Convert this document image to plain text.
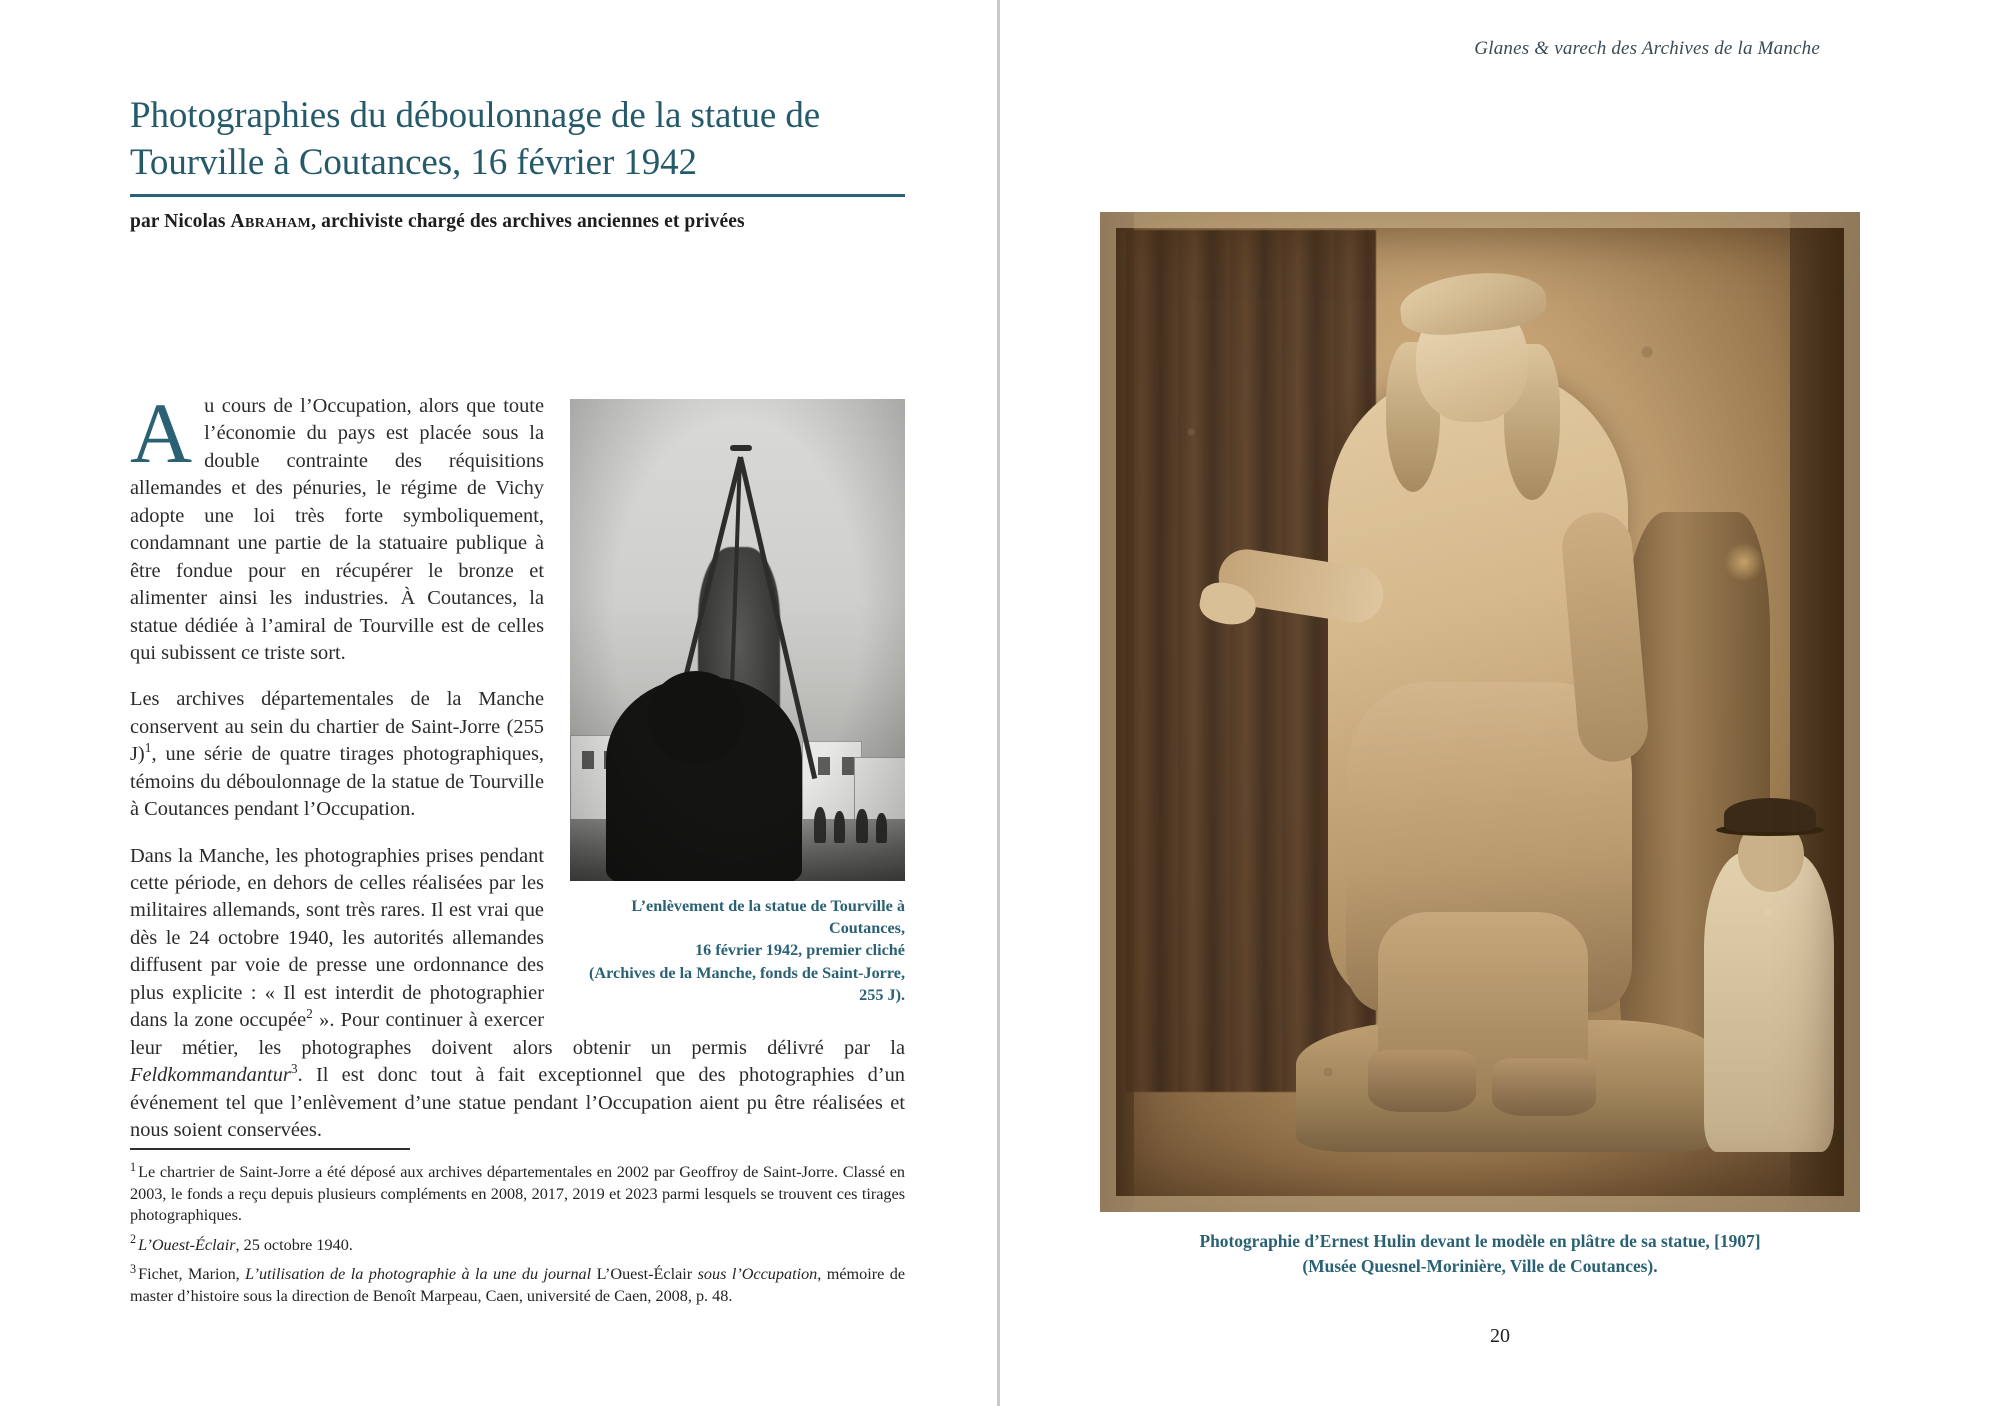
Photographies du déboulonnage de la statue de Tourville à Coutances, 16 février 1942
par Nicolas Abraham, archiviste chargé des archives anciennes et privées
L’enlèvement de la statue de Tourville à Coutances,
16 février 1942, premier cliché
(Archives de la Manche, fonds de Saint-Jorre, 255 J).

Au cours de l’Occupation, alors que toute l’économie du pays est placée sous la double contrainte des réquisitions allemandes et des pénuries, le régime de Vichy adopte une loi très forte symboliquement, condamnant une partie de la statuaire publique à être fondue pour en récupérer le bronze et alimenter ainsi les industries. À Coutances, la statue dédiée à l’amiral de Tourville est de celles qui subissent ce triste sort.

Les archives départementales de la Manche conservent au sein du chartier de Saint-Jorre (255 J)$^1$, une série de quatre tirages photographiques, témoins du déboulonnage de la statue de Tourville à Coutances pendant l’Occupation.

Dans la Manche, les photographies prises pendant cette période, en dehors de celles réalisées par les militaires allemands, sont très rares. Il est vrai que dès le 24 octobre 1940, les autorités allemandes diffusent par voie de presse une ordonnance des plus explicite : « Il est interdit de photographier dans la zone occupée$^2$ ». Pour continuer à exercer leur métier, les photographes doivent alors obtenir un permis délivré par la Feldkommandantur$^3$. Il est donc tout à fait exceptionnel que des photographies d’un événement tel que l’enlèvement d’une statue pendant l’Occupation aient pu être réalisées et nous soient conservées.

$^1$ Le chartrier de Saint-Jorre a été déposé aux archives départementales en 2002 par Geoffroy de Saint-Jorre. Classé en 2003, le fonds a reçu depuis plusieurs compléments en 2008, 2017, 2019 et 2023 parmi lesquels se trouvent ces tirages photographiques.

$^2$ L’Ouest-Éclair, 25 octobre 1940.

$^3$ Fichet, Marion, L’utilisation de la photographie à la une du journal L’Ouest-Éclair sous l’Occupation, mémoire de master d’histoire sous la direction de Benoît Marpeau, Caen, université de Caen, 2008, p. 48.

Glanes & varech des Archives de la Manche
Photographie d’Ernest Hulin devant le modèle en plâtre de sa statue, [1907]
(Musée Quesnel-Morinière, Ville de Coutances).
20
